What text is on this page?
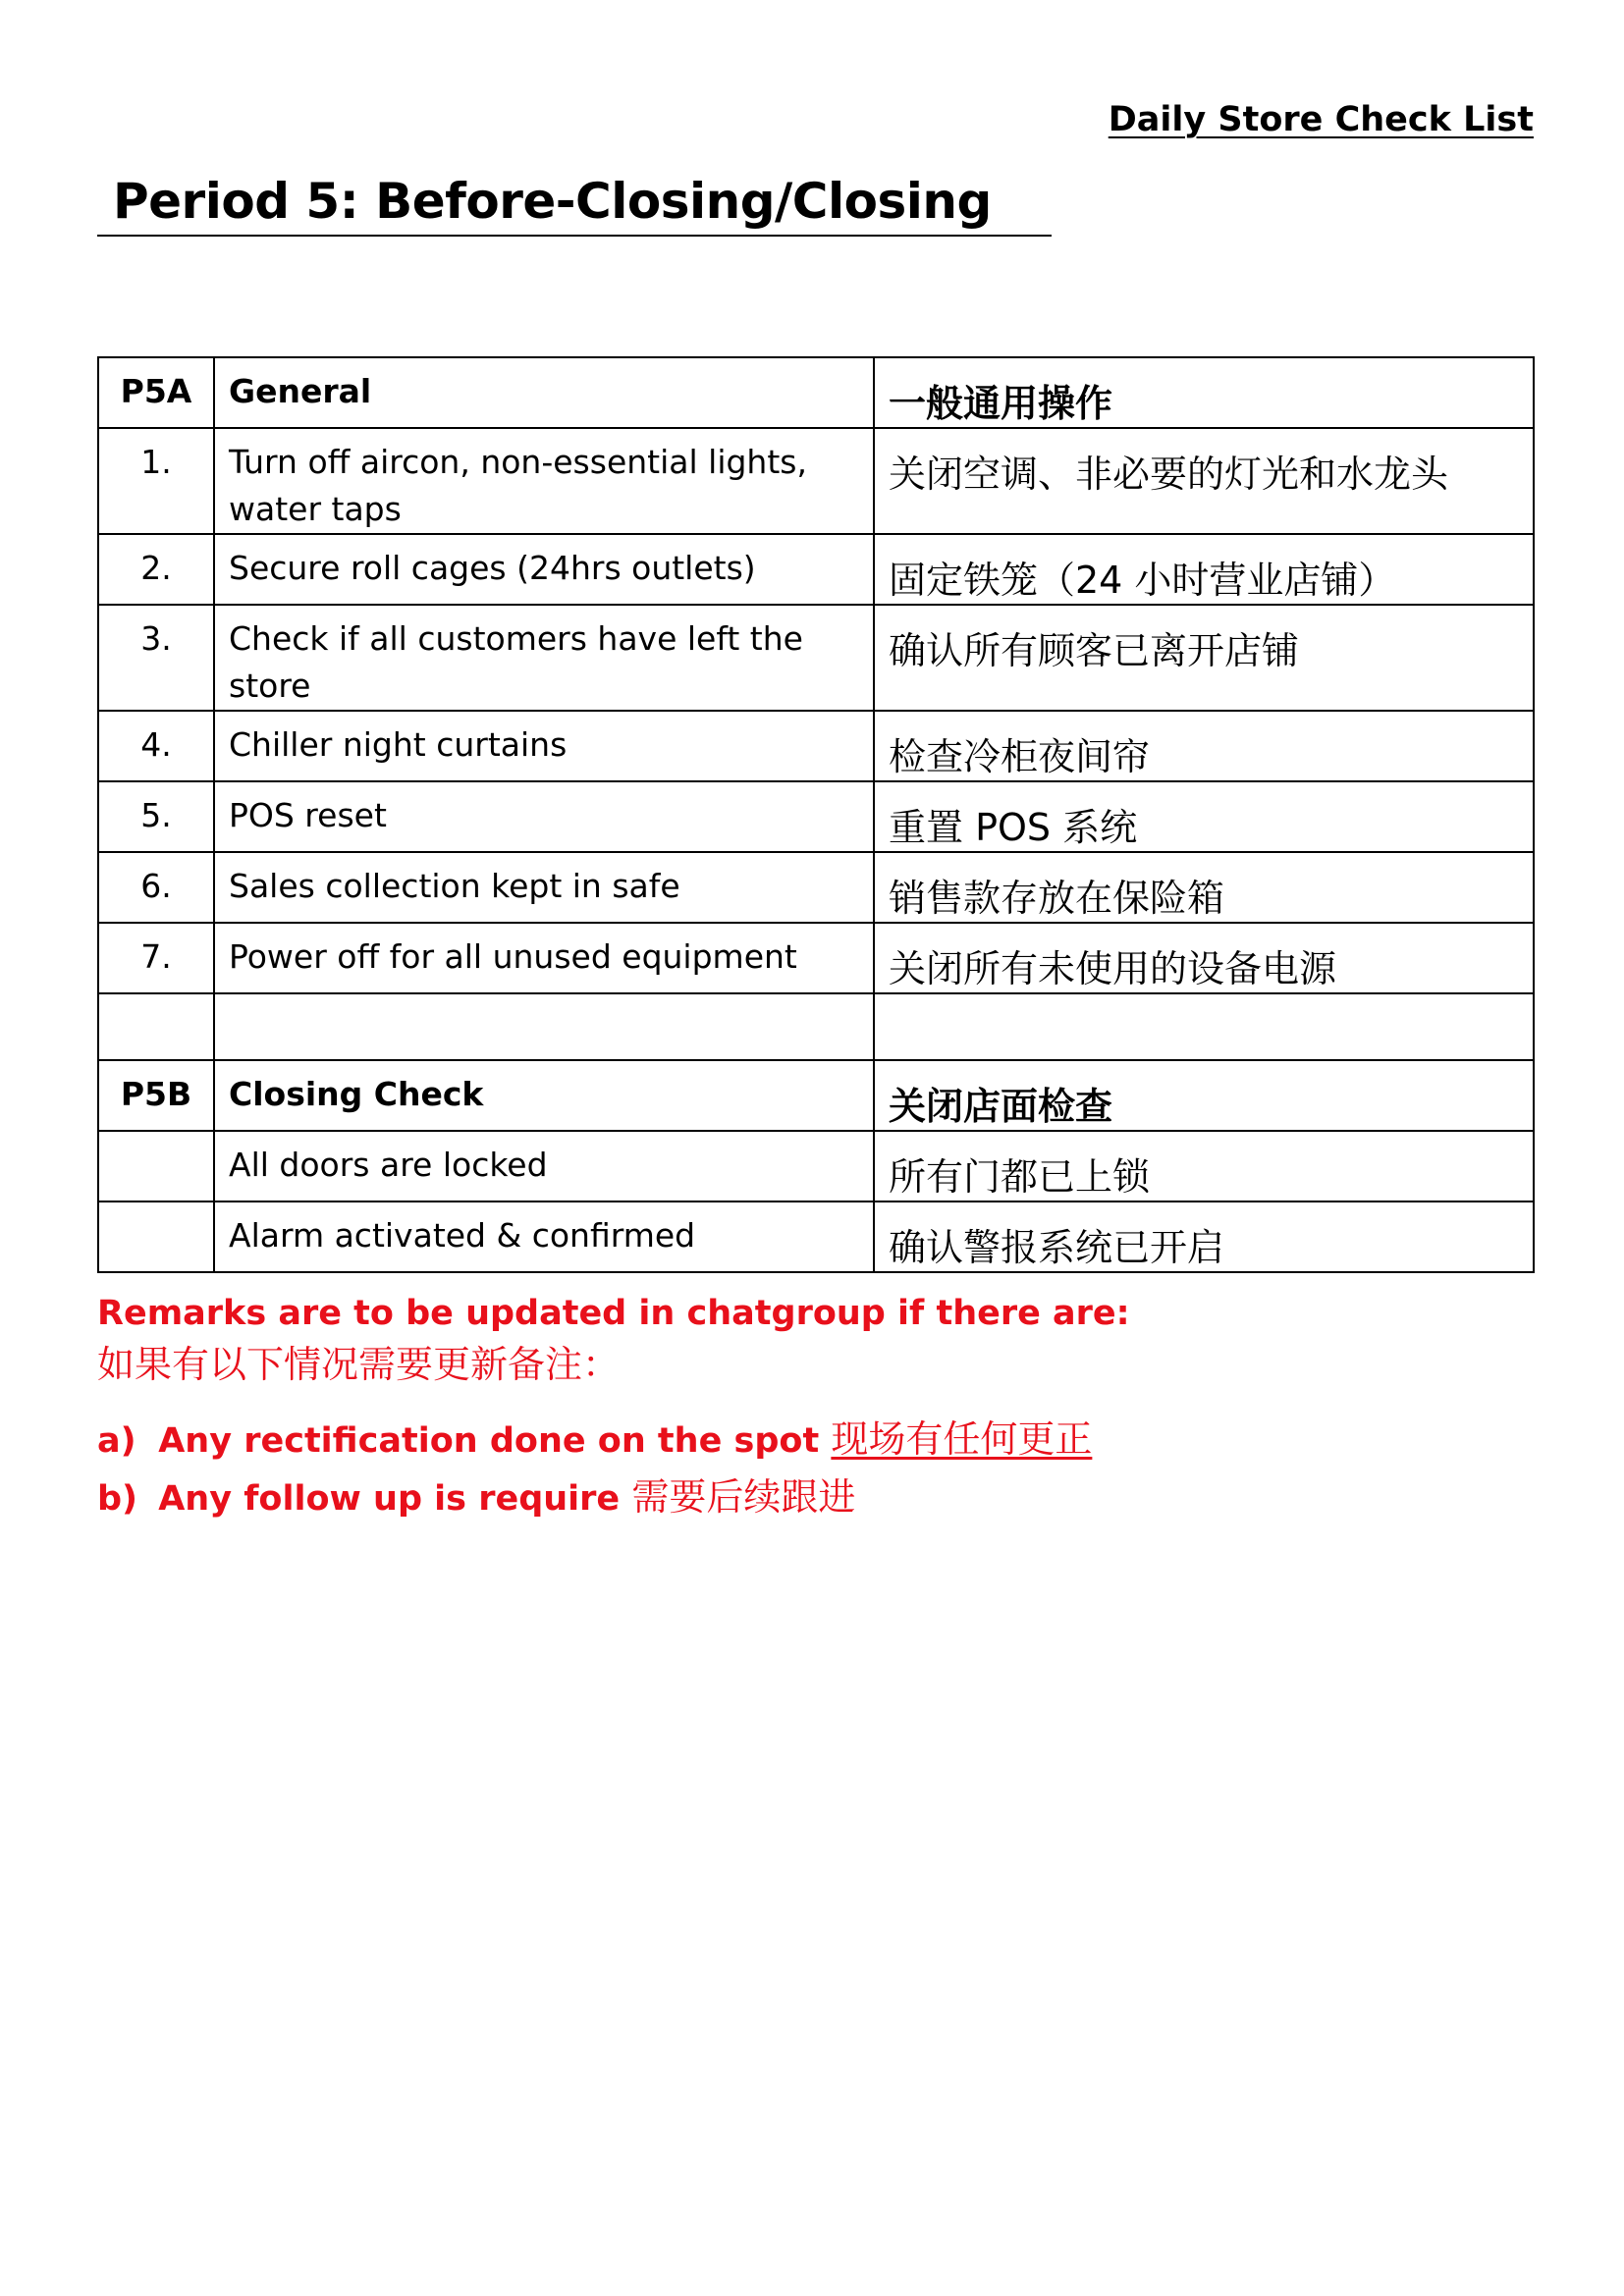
Daily Store Check List
Period 5: Before-Closing/Closing
P5A	General	一般通用操作
1.	Turn off aircon, non-essential lights, water taps	关闭空调、非必要的灯光和水龙头
2.	Secure roll cages (24hrs outlets)	固定铁笼（24 小时营业店铺）
3.	Check if all customers have left the store	确认所有顾客已离开店铺
4.	Chiller night curtains	检查冷柜夜间帘
5.	POS reset	重置 POS 系统
6.	Sales collection kept in safe	销售款存放在保险箱
7.	Power off for all unused equipment	关闭所有未使用的设备电源

P5B	Closing Check	关闭店面检查
	All doors are locked	所有门都已上锁
	Alarm activated & confirmed	确认警报系统已开启
Remarks are to be updated in chatgroup if there are:
如果有以下情况需要更新备注：
a) Any rectification done on the spot 现场有任何更正
b) Any follow up is require 需要后续跟进
